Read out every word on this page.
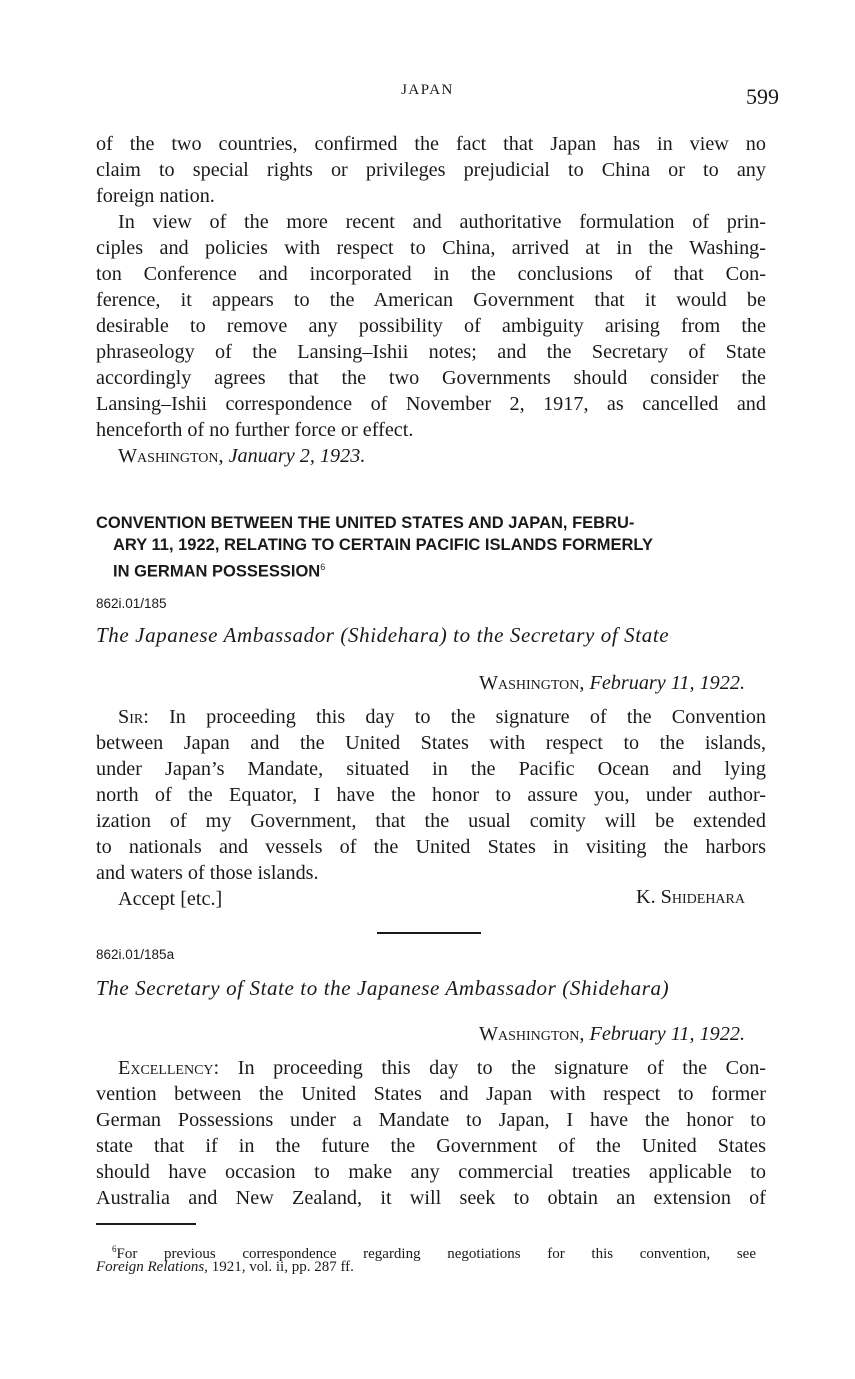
JAPAN	599
of the two countries, confirmed the fact that Japan has in view no
claim to special rights or privileges prejudicial to China or to any
foreign nation.
In view of the more recent and authoritative formulation of prin-
ciples and policies with respect to China, arrived at in the Washing-
ton Conference and incorporated in the conclusions of that Con-
ference, it appears to the American Government that it would be
desirable to remove any possibility of ambiguity arising from the
phraseology of the Lansing–Ishii notes; and the Secretary of State
accordingly agrees that the two Governments should consider the
Lansing–Ishii correspondence of November 2, 1917, as cancelled and
henceforth of no further force or effect.
Washington, January 2, 1923.
CONVENTION BETWEEN THE UNITED STATES AND JAPAN, FEBRU-
ARY 11, 1922, RELATING TO CERTAIN PACIFIC ISLANDS FORMERLY
IN GERMAN POSSESSION$^6$
862i.01/185
The Japanese Ambassador (Shidehara) to the Secretary of State
Washington, February 11, 1922.
Sir: In proceeding this day to the signature of the Convention
between Japan and the United States with respect to the islands,
under Japan’s Mandate, situated in the Pacific Ocean and lying
north of the Equator, I have the honor to assure you, under author-
ization of my Government, that the usual comity will be extended
to nationals and vessels of the United States in visiting the harbors
and waters of those islands.
Accept [etc.]	K. Shidehara
862i.01/185a
The Secretary of State to the Japanese Ambassador (Shidehara)
Washington, February 11, 1922.
Excellency: In proceeding this day to the signature of the Con-
vention between the United States and Japan with respect to former
German Possessions under a Mandate to Japan, I have the honor to
state that if in the future the Government of the United States
should have occasion to make any commercial treaties applicable to
Australia and New Zealand, it will seek to obtain an extension of
$^6$For previous correspondence regarding negotiations for this convention, see
Foreign Relations, 1921, vol. ii, pp. 287 ff.
